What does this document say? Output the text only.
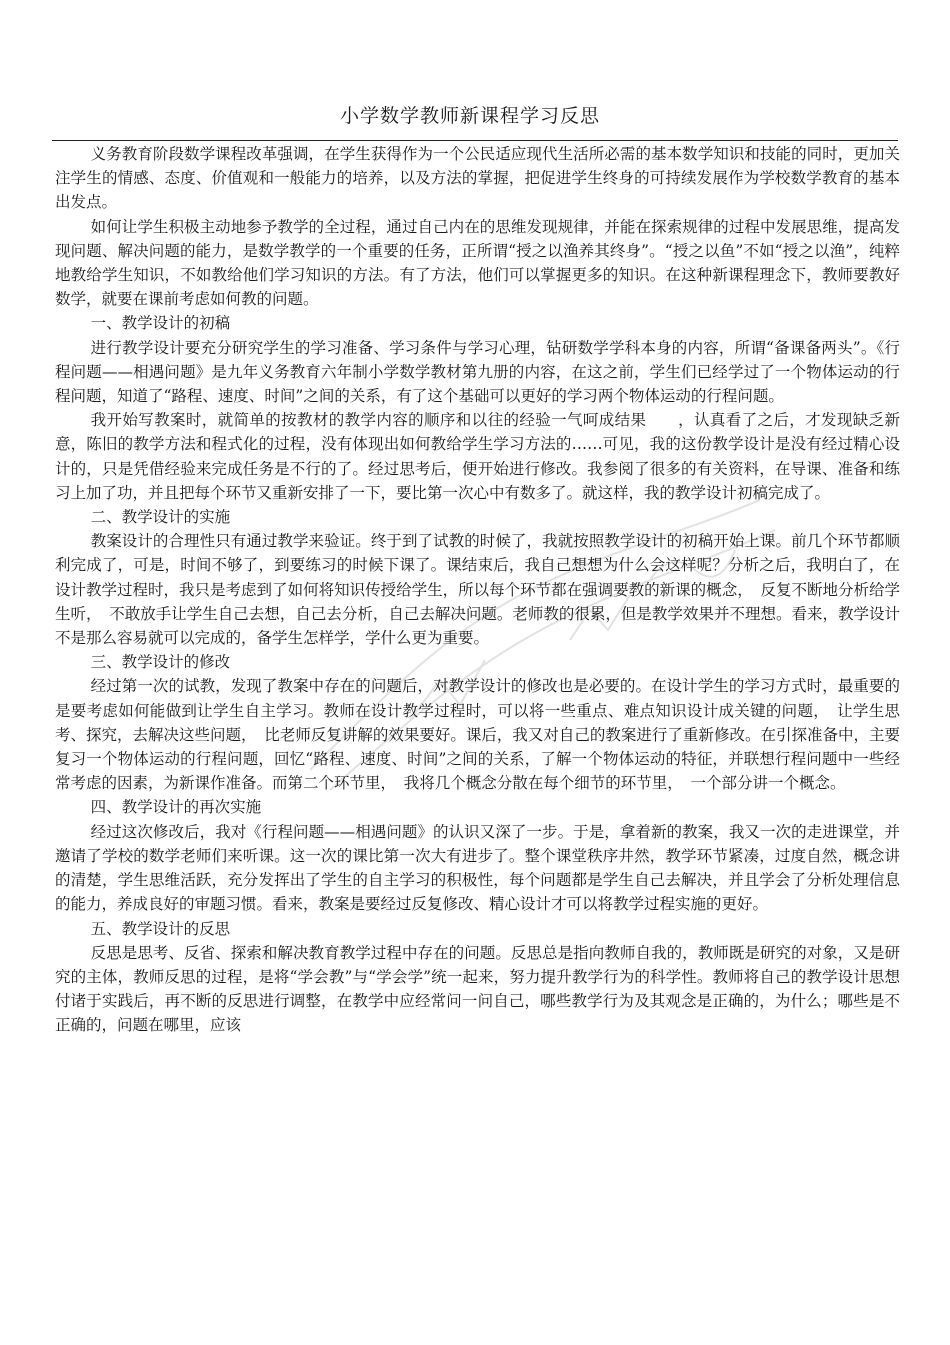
小学数学教师新课程学习反思

义务教育阶段数学课程改革强调，在学生获得作为一个公民适应现代生活所必需的基本数学知识和技能的同时，更加关注学生的情感、态度、价值观和一般能力的培养，以及方法的掌握，把促进学生终身的可持续发展作为学校数学教育的基本出发点。

如何让学生积极主动地参予教学的全过程，通过自己内在的思维发现规律，并能在探索规律的过程中发展思维，提高发现问题、解决问题的能力，是数学教学的一个重要的任务，正所谓“授之以渔养其终身”。“授之以鱼”不如“授之以渔”，纯粹地教给学生知识，不如教给他们学习知识的方法。有了方法，他们可以掌握更多的知识。在这种新课程理念下，教师要教好数学，就要在课前考虑如何教的问题。

一、教学设计的初稿

进行教学设计要充分研究学生的学习准备、学习条件与学习心理，钻研数学学科本身的内容，所谓“备课备两头”。《行程问题——相遇问题》是九年义务教育六年制小学数学教材第九册的内容，在这之前，学生们已经学过了一个物体运动的行程问题，知道了“路程、速度、时间”之间的关系，有了这个基础可以更好的学习两个物体运动的行程问题。

我开始写教案时，就简单的按教材的教学内容的顺序和以往的经验一气呵成结果　　，认真看了之后，才发现缺乏新意，陈旧的教学方法和程式化的过程，没有体现出如何教给学生学习方法的……可见，我的这份教学设计是没有经过精心设计的，只是凭借经验来完成任务是不行的了。经过思考后，便开始进行修改。我参阅了很多的有关资料，在导课、准备和练习上加了功，并且把每个环节又重新安排了一下，要比第一次心中有数多了。就这样，我的教学设计初稿完成了。

二、教学设计的实施

教案设计的合理性只有通过教学来验证。终于到了试教的时候了，我就按照教学设计的初稿开始上课。前几个环节都顺利完成了，可是，时间不够了，到要练习的时候下课了。课结束后，我自己想想为什么会这样呢？分析之后，我明白了，在设计教学过程时，我只是考虑到了如何将知识传授给学生，所以每个环节都在强调要教的新课的概念，　反复不断地分析给学生听，　不敢放手让学生自己去想，自己去分析，自己去解决问题。老师教的很累，但是教学效果并不理想。看来，教学设计不是那么容易就可以完成的，备学生怎样学，学什么更为重要。

三、教学设计的修改

经过第一次的试教，发现了教案中存在的问题后，对教学设计的修改也是必要的。在设计学生的学习方式时，最重要的是要考虑如何能做到让学生自主学习。教师在设计教学过程时，可以将一些重点、难点知识设计成关键的问题，　让学生思考、探究，去解决这些问题，　比老师反复讲解的效果要好。课后，我又对自己的教案进行了重新修改。在引探准备中，主要复习一个物体运动的行程问题，回忆“路程、速度、时间”之间的关系，了解一个物体运动的特征，并联想行程问题中一些经常考虑的因素，为新课作准备。而第二个环节里，　我将几个概念分散在每个细节的环节里，　一个部分讲一个概念。

四、教学设计的再次实施

经过这次修改后，我对《行程问题——相遇问题》的认识又深了一步。于是，拿着新的教案，我又一次的走进课堂，并邀请了学校的数学老师们来听课。这一次的课比第一次大有进步了。整个课堂秩序井然，教学环节紧凑，过度自然，概念讲的清楚，学生思维活跃，充分发挥出了学生的自主学习的积极性，每个问题都是学生自己去解决，并且学会了分析处理信息的能力，养成良好的审题习惯。看来，教案是要经过反复修改、精心设计才可以将教学过程实施的更好。

五、教学设计的反思

反思是思考、反省、探索和解决教育教学过程中存在的问题。反思总是指向教师自我的，教师既是研究的对象，又是研究的主体，教师反思的过程，是将“学会教”与“学会学”统一起来，努力提升教学行为的科学性。教师将自己的教学设计思想付诸于实践后，再不断的反思进行调整，在教学中应经常问一问自己，哪些教学行为及其观念是正确的，为什么；哪些是不正确的，问题在哪里，应该
